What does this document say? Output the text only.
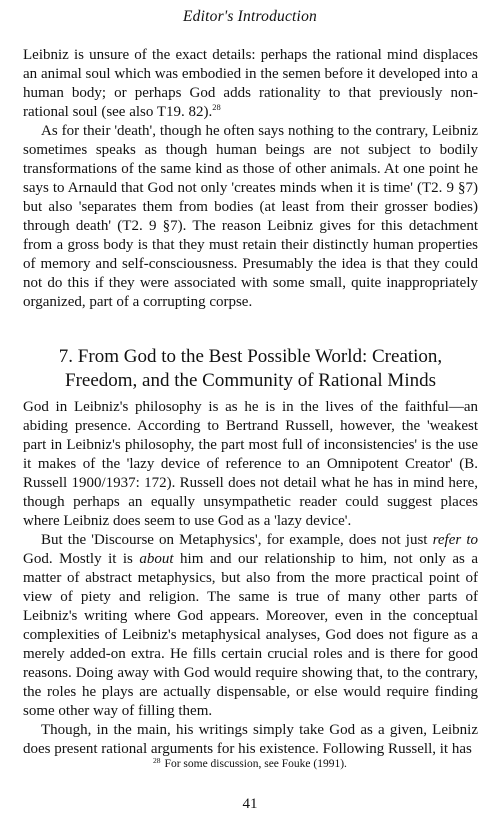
Editor's Introduction

Leibniz is unsure of the exact details: perhaps the rational mind displaces an animal soul which was embodied in the semen before it developed into a human body; or perhaps God adds rationality to that previously non-rational soul (see also T19. 82).$^{28}$

As for their 'death', though he often says nothing to the contrary, Leibniz sometimes speaks as though human beings are not subject to bodily transformations of the same kind as those of other animals. At one point he says to Arnauld that God not only 'creates minds when it is time' (T2. 9 §7) but also 'separates them from bodies (at least from their grosser bodies) through death' (T2. 9 §7). The reason Leibniz gives for this detachment from a gross body is that they must retain their distinctly human properties of memory and self-consciousness. Presumably the idea is that they could not do this if they were associated with some small, quite inappropriately organized, part of a corrupting corpse.

7. From God to the Best Possible World: Creation,
Freedom, and the Community of Rational Minds

God in Leibniz's philosophy is as he is in the lives of the faithful—an abiding presence. According to Bertrand Russell, however, the 'weakest part in Leibniz's philosophy, the part most full of inconsistencies' is the use it makes of the 'lazy device of reference to an Omnipotent Creator' (B. Russell 1900/1937: 172). Russell does not detail what he has in mind here, though perhaps an equally unsympathetic reader could suggest places where Leibniz does seem to use God as a 'lazy device'.

But the 'Discourse on Metaphysics', for example, does not just refer to God. Mostly it is about him and our relationship to him, not only as a matter of abstract metaphysics, but also from the more practical point of view of piety and religion. The same is true of many other parts of Leibniz's writing where God appears. Moreover, even in the conceptual complexities of Leibniz's metaphysical analyses, God does not figure as a merely added-on extra. He fills certain crucial roles and is there for good reasons. Doing away with God would require showing that, to the contrary, the roles he plays are actually dispensable, or else would require finding some other way of filling them.

Though, in the main, his writings simply take God as a given, Leibniz does present rational arguments for his existence. Following Russell, it has

$^{28}$ For some discussion, see Fouke (1991).
41
